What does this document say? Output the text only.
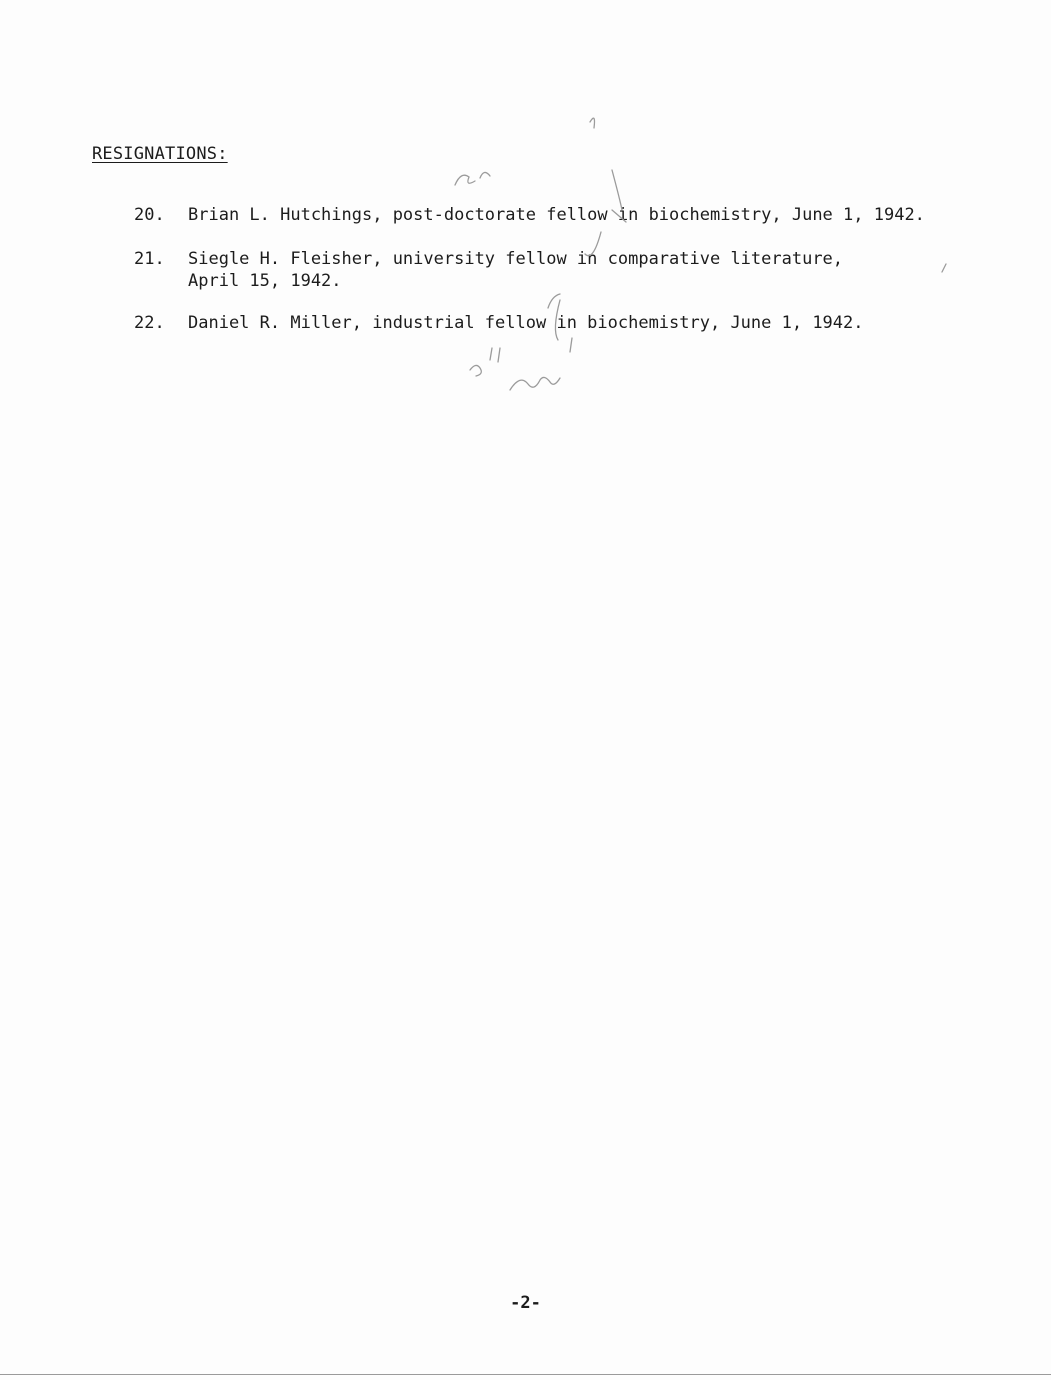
RESIGNATIONS:
20.	Brian L. Hutchings, post-doctorate fellow in biochemistry, June 1, 1942.
21.	Siegle H. Fleisher, university fellow in comparative literature,
April 15, 1942.
22.	Daniel R. Miller, industrial fellow in biochemistry, June 1, 1942.
-2-
